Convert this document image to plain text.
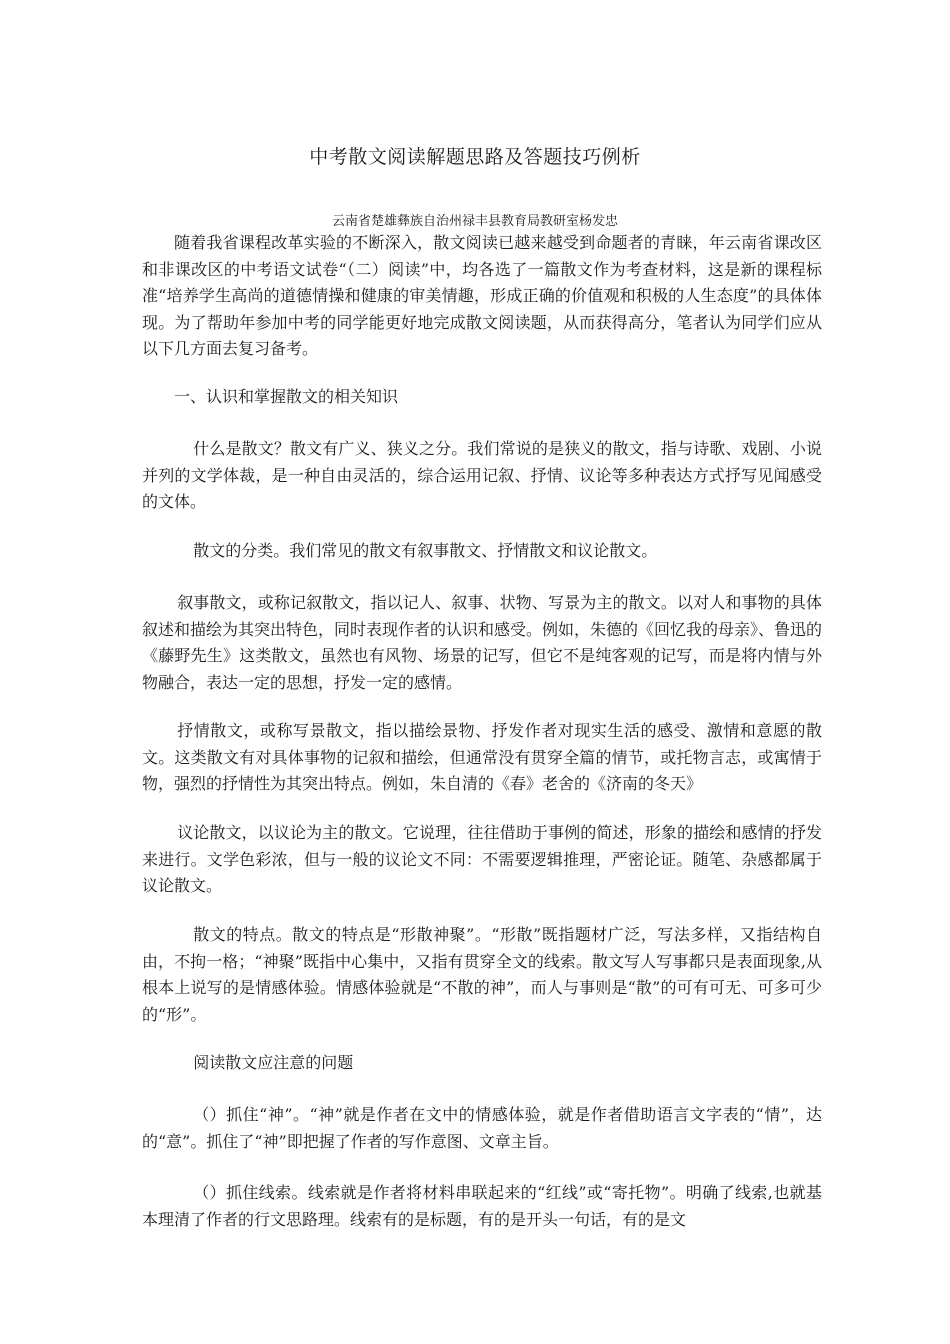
中考散文阅读解题思路及答题技巧例析
云南省楚雄彝族自治州禄丰县教育局教研室杨发忠

随着我省课程改革实验的不断深入，散文阅读已越来越受到命题者的青睐，年云南省课改区和非课改区的中考语文试卷“（二）阅读”中，均各选了一篇散文作为考查材料，这是新的课程标准“培养学生高尚的道德情操和健康的审美情趣，形成正确的价值观和积极的人生态度”的具体体现。为了帮助年参加中考的同学能更好地完成散文阅读题，从而获得高分，笔者认为同学们应从以下几方面去复习备考。

一、认识和掌握散文的相关知识

什么是散文？散文有广义、狭义之分。我们常说的是狭义的散文，指与诗歌、戏剧、小说并列的文学体裁，是一种自由灵活的，综合运用记叙、抒情、议论等多种表达方式抒写见闻感受的文体。

散文的分类。我们常见的散文有叙事散文、抒情散文和议论散文。

叙事散文，或称记叙散文，指以记人、叙事、状物、写景为主的散文。以对人和事物的具体叙述和描绘为其突出特色，同时表现作者的认识和感受。例如，朱德的《回忆我的母亲》、鲁迅的《藤野先生》这类散文，虽然也有风物、场景的记写，但它不是纯客观的记写，而是将内情与外物融合，表达一定的思想，抒发一定的感情。

抒情散文，或称写景散文，指以描绘景物、抒发作者对现实生活的感受、激情和意愿的散文。这类散文有对具体事物的记叙和描绘，但通常没有贯穿全篇的情节，或托物言志，或寓情于物，强烈的抒情性为其突出特点。例如，朱自清的《春》老舍的《济南的冬天》

议论散文，以议论为主的散文。它说理，往往借助于事例的简述，形象的描绘和感情的抒发来进行。文学色彩浓，但与一般的议论文不同：不需要逻辑推理，严密论证。随笔、杂感都属于议论散文。

散文的特点。散文的特点是“形散神聚”。“形散”既指题材广泛，写法多样，又指结构自由，不拘一格；“神聚”既指中心集中，又指有贯穿全文的线索。散文写人写事都只是表面现象,从根本上说写的是情感体验。情感体验就是“不散的神”，而人与事则是“散”的可有可无、可多可少的“形”。

阅读散文应注意的问题

（）抓住“神”。“神”就是作者在文中的情感体验，就是作者借助语言文字表的“情”，达的“意”。抓住了“神”即把握了作者的写作意图、文章主旨。

（）抓住线索。线索就是作者将材料串联起来的“红线”或“寄托物”。明确了线索,也就基本理清了作者的行文思路理。线索有的是标题，有的是开头一句话，有的是文
